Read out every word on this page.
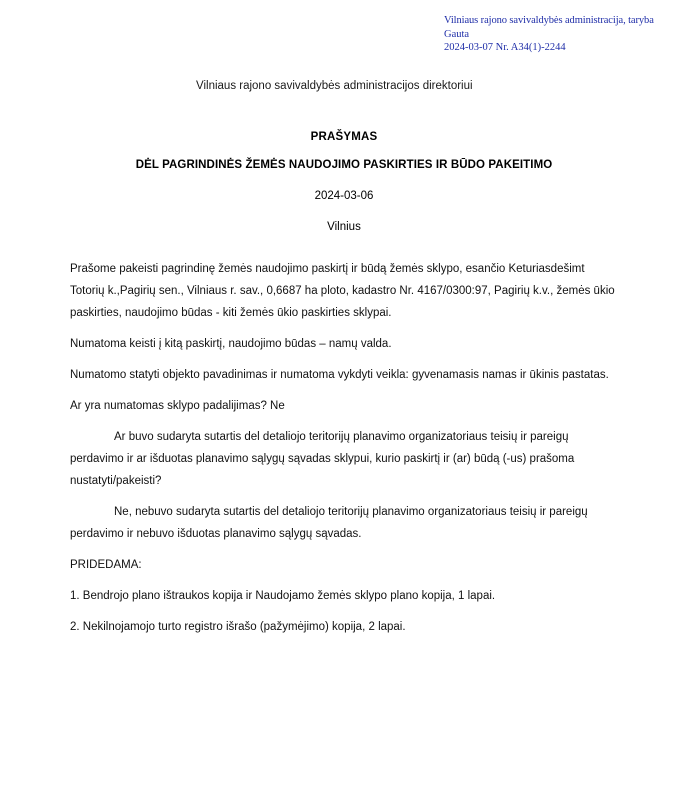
Vilniaus rajono savivaldybės administracija, taryba
Gauta
2024-03-07 Nr. A34(1)-2244
Vilniaus rajono savivaldybės administracijos direktoriui
PRAŠYMAS
DĖL PAGRINDINĖS ŽEMĖS NAUDOJIMO PASKIRTIES IR BŪDO PAKEITIMO
2024-03-06
Vilnius

Prašome pakeisti pagrindinę žemės naudojimo paskirtį ir būdą žemės sklypo, esančio Keturiasdešimt Totorių k.,Pagirių sen., Vilniaus r. sav., 0,6687 ha ploto, kadastro Nr. 4167/0300:97, Pagirių k.v., žemės ūkio paskirties, naudojimo būdas - kiti žemės ūkio paskirties sklypai.

Numatoma keisti į kitą paskirtį, naudojimo būdas – namų valda.

Numatomo statyti objekto pavadinimas ir numatoma vykdyti veikla: gyvenamasis namas ir ūkinis pastatas.

Ar yra numatomas sklypo padalijimas? Ne

Ar buvo sudaryta sutartis del detaliojo teritorijų planavimo organizatoriaus teisių ir pareigų perdavimo ir ar išduotas planavimo sąlygų sąvadas sklypui, kurio paskirtį ir (ar) būdą (-us) prašoma nustatyti/pakeisti?

Ne, nebuvo sudaryta sutartis del detaliojo teritorijų planavimo organizatoriaus teisių ir pareigų perdavimo ir nebuvo išduotas planavimo sąlygų sąvadas.

PRIDEDAMA:

1. Bendrojo plano ištraukos kopija ir Naudojamo žemės sklypo plano kopija, 1 lapai.

2. Nekilnojamojo turto registro išrašo (pažymėjimo) kopija, 2 lapai.
